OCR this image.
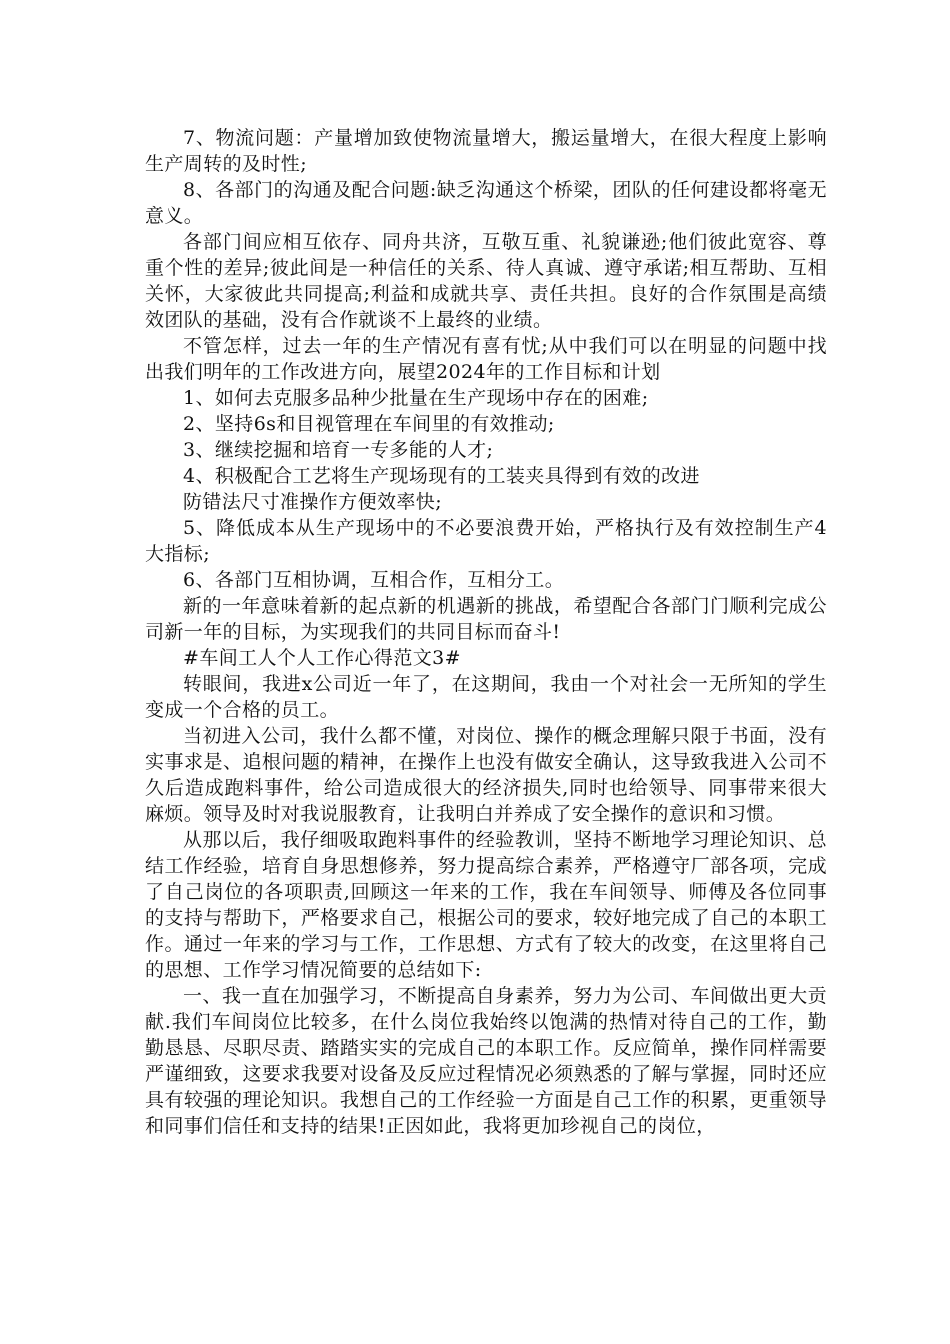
7、物流问题：产量增加致使物流量增大，搬运量增大，在很大程度上影响生产周转的及时性;

8、各部门的沟通及配合问题:缺乏沟通这个桥梁，团队的任何建设都将毫无意义。

各部门间应相互依存、同舟共济，互敬互重、礼貌谦逊;他们彼此宽容、尊重个性的差异;彼此间是一种信任的关系、待人真诚、遵守承诺;相互帮助、互相关怀，大家彼此共同提高;利益和成就共享、责任共担。良好的合作氛围是高绩效团队的基础，没有合作就谈不上最终的业绩。

不管怎样，过去一年的生产情况有喜有忧;从中我们可以在明显的问题中找出我们明年的工作改进方向，展望2024年的工作目标和计划

1、如何去克服多品种少批量在生产现场中存在的困难;

2、坚持6s和目视管理在车间里的有效推动;

3、继续挖掘和培育一专多能的人才;

4、积极配合工艺将生产现场现有的工装夹具得到有效的改进

防错法尺寸准操作方便效率快;

5、降低成本从生产现场中的不必要浪费开始，严格执行及有效控制生产4大指标;

6、各部门互相协调，互相合作，互相分工。

新的一年意味着新的起点新的机遇新的挑战，希望配合各部门门顺利完成公司新一年的目标，为实现我们的共同目标而奋斗!

#车间工人个人工作心得范文3#

转眼间，我进x公司近一年了，在这期间，我由一个对社会一无所知的学生变成一个合格的员工。

当初进入公司，我什么都不懂，对岗位、操作的概念理解只限于书面，没有实事求是、追根问题的精神，在操作上也没有做安全确认，这导致我进入公司不久后造成跑料事件，给公司造成很大的经济损失,同时也给领导、同事带来很大麻烦。领导及时对我说服教育，让我明白并养成了安全操作的意识和习惯。

从那以后，我仔细吸取跑料事件的经验教训，坚持不断地学习理论知识、总结工作经验，培育自身思想修养，努力提高综合素养，严格遵守厂部各项，完成了自己岗位的各项职责,回顾这一年来的工作，我在车间领导、师傅及各位同事的支持与帮助下，严格要求自己，根据公司的要求，较好地完成了自己的本职工作。通过一年来的学习与工作，工作思想、方式有了较大的改变，在这里将自己的思想、工作学习情况简要的总结如下:

一、我一直在加强学习，不断提高自身素养，努力为公司、车间做出更大贡献.我们车间岗位比较多，在什么岗位我始终以饱满的热情对待自己的工作，勤勤恳恳、尽职尽责、踏踏实实的完成自己的本职工作。反应简单，操作同样需要严谨细致，这要求我要对设备及反应过程情况必须熟悉的了解与掌握，同时还应具有较强的理论知识。我想自己的工作经验一方面是自己工作的积累，更重领导和同事们信任和支持的结果!正因如此，我将更加珍视自己的岗位，
